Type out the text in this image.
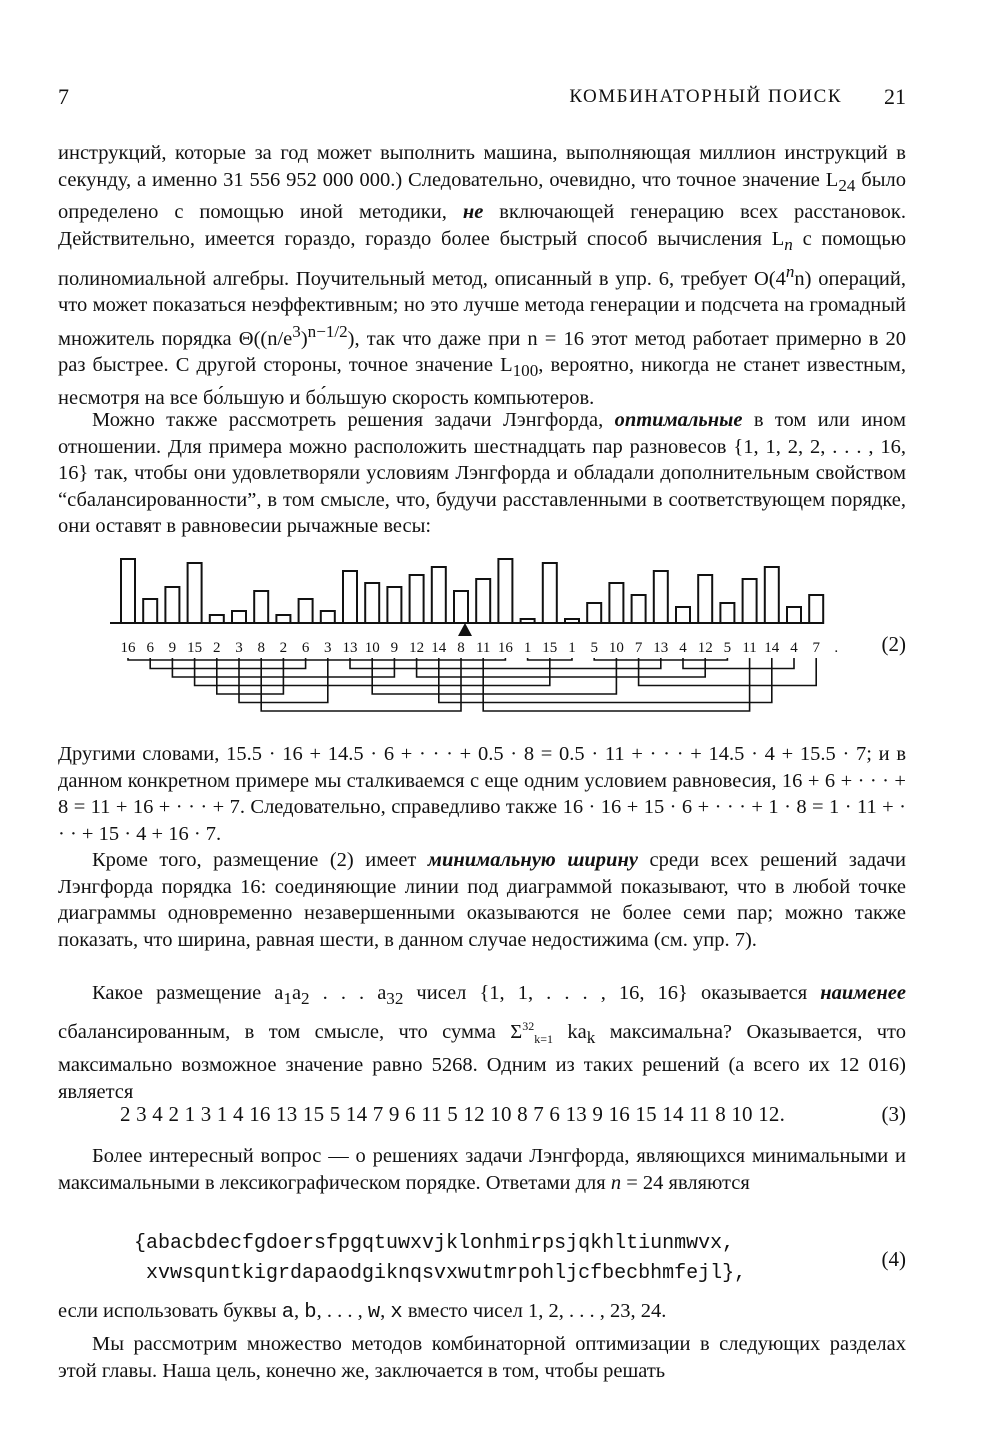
7	КОМБИНАТОРНЫЙ ПОИСК 21
инструкций, которые за год может выполнить машина, выполняющая миллион инструкций в секунду, а именно 31 556 952 000 000.) Следовательно, очевидно, что точное значение $L_{24}$ было определено с помощью иной методики, не включающей генерацию всех расстановок. Действительно, имеется гораздо, гораздо более быстрый способ вычисления $L_n$ с помощью полиномиальной алгебры. Поучительный метод, описанный в упр. 6, требует O(4$^n$n) операций, что может показаться неэффективным; но это лучше метода генерации и подсчета на громадный множитель порядка $\Theta((n/e^3)^{n-1/2})$, так что даже при n = 16 этот метод работает примерно в 20 раз быстрее. С другой стороны, точное значение $L_{100}$, вероятно, никогда не станет известным, несмотря на все бо́льшую и бо́льшую скорость компьютеров.
Можно также рассмотреть решения задачи Лэнгфорда, оптимальные в том или ином отношении. Для примера можно расположить шестнадцать пар разновесов {1, 1, 2, 2, . . . , 16, 16} так, чтобы они удовлетворяли условиям Лэнгфорда и обладали дополнительным свойством “сбалансированности”, в том смысле, что, будучи расставленными в соответствующем порядке, они оставят в равновесии рычажные весы:
16 6 9 15 2 3 8 2 6 3 13 10 9 12 14 8 11 16 1 15 1 5 10 7 13 4 12 5 11 14 4 7 . (2)
Другими словами, 15.5 · 16 + 14.5 · 6 + · · · + 0.5 · 8 = 0.5 · 11 + · · · + 14.5 · 4 + 15.5 · 7; и в данном конкретном примере мы сталкиваемся с еще одним условием равновесия, 16 + 6 + · · · + 8 = 11 + 16 + · · · + 7. Следовательно, справедливо также 16 · 16 + 15 · 6 + · · · + 1 · 8 = 1 · 11 + · · · + 15 · 4 + 16 · 7.
Кроме того, размещение (2) имеет минимальную ширину среди всех решений задачи Лэнгфорда порядка 16: соединяющие линии под диаграммой показывают, что в любой точке диаграммы одновременно незавершенными оказываются не более семи пар; можно также показать, что ширина, равная шести, в данном случае недостижима (см. упр. 7).
Какое размещение $a_1a_2$ . . . $a_{32}$ чисел {1, 1, . . . , 16, 16} оказывается наименее сбалансированным, в том смысле, что сумма $\Sigma^{32}_{k=1}$ $ka_k$ максимальна? Оказывается, что максимально возможное значение равно 5268. Одним из таких решений (а всего их 12 016) является
2 3 4 2 1 3 1 4 16 13 15 5 14 7 9 6 11 5 12 10 8 7 6 13 9 16 15 14 11 8 10 12.	(3)
Более интересный вопрос — о решениях задачи Лэнгфорда, являющихся минимальными и максимальными в лексикографическом порядке. Ответами для n = 24 являются
{abacbdecfgdoersfpgqtuwxvjklonhmirpsjqkhltiunmwvx,
xvwsquntkigrdapaodgiknqsvxwutmrpohljcfbecbhmfejl},
(4)
если использовать буквы a, b, . . . , w, x вместо чисел 1, 2, . . . , 23, 24.
Мы рассмотрим множество методов комбинаторной оптимизации в следующих разделах этой главы. Наша цель, конечно же, заключается в том, чтобы решать
